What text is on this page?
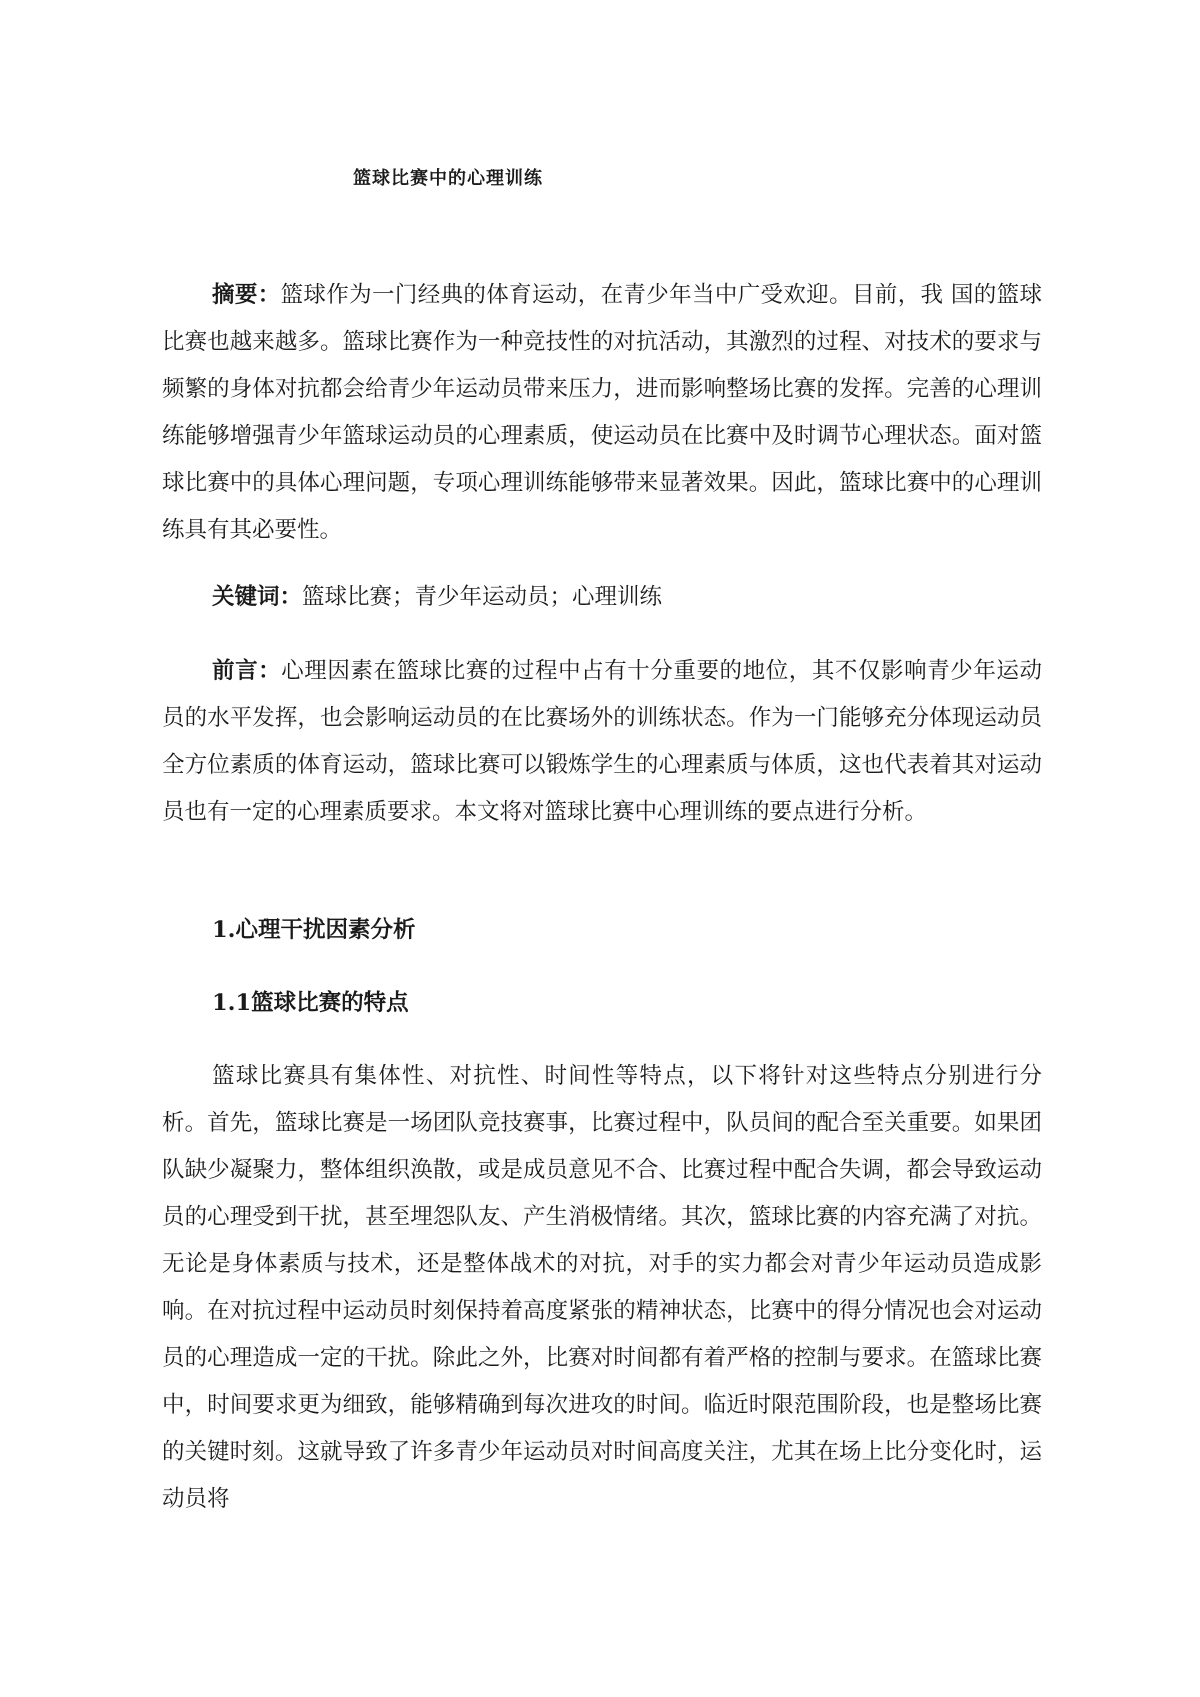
篮球比赛中的心理训练

摘要：篮球作为一门经典的体育运动，在青少年当中广受欢迎。目前，我 国的篮球比赛也越来越多。篮球比赛作为一种竞技性的对抗活动，其激烈的过程、对技术的要求与频繁的身体对抗都会给青少年运动员带来压力，进而影响整场比赛的发挥。完善的心理训练能够增强青少年篮球运动员的心理素质，使运动员在比赛中及时调节心理状态。面对篮球比赛中的具体心理问题，专项心理训练能够带来显著效果。因此，篮球比赛中的心理训练具有其必要性。

关键词：篮球比赛；青少年运动员；心理训练

前言：心理因素在篮球比赛的过程中占有十分重要的地位，其不仅影响青少年运动员的水平发挥，也会影响运动员的在比赛场外的训练状态。作为一门能够充分体现运动员全方位素质的体育运动，篮球比赛可以锻炼学生的心理素质与体质，这也代表着其对运动员也有一定的心理素质要求。本文将对篮球比赛中心理训练的要点进行分析。

1.心理干扰因素分析
1.1篮球比赛的特点

篮球比赛具有集体性、对抗性、时间性等特点，以下将针对这些特点分别进行分析。首先，篮球比赛是一场团队竞技赛事，比赛过程中，队员间的配合至关重要。如果团队缺少凝聚力，整体组织涣散，或是成员意见不合、比赛过程中配合失调，都会导致运动员的心理受到干扰，甚至埋怨队友、产生消极情绪。其次，篮球比赛的内容充满了对抗。无论是身体素质与技术，还是整体战术的对抗，对手的实力都会对青少年运动员造成影响。在对抗过程中运动员时刻保持着高度紧张的精神状态，比赛中的得分情况也会对运动员的心理造成一定的干扰。除此之外，比赛对时间都有着严格的控制与要求。在篮球比赛中，时间要求更为细致，能够精确到每次进攻的时间。临近时限范围阶段，也是整场比赛的关键时刻。这就导致了许多青少年运动员对时间高度关注，尤其在场上比分变化时，运动员将
